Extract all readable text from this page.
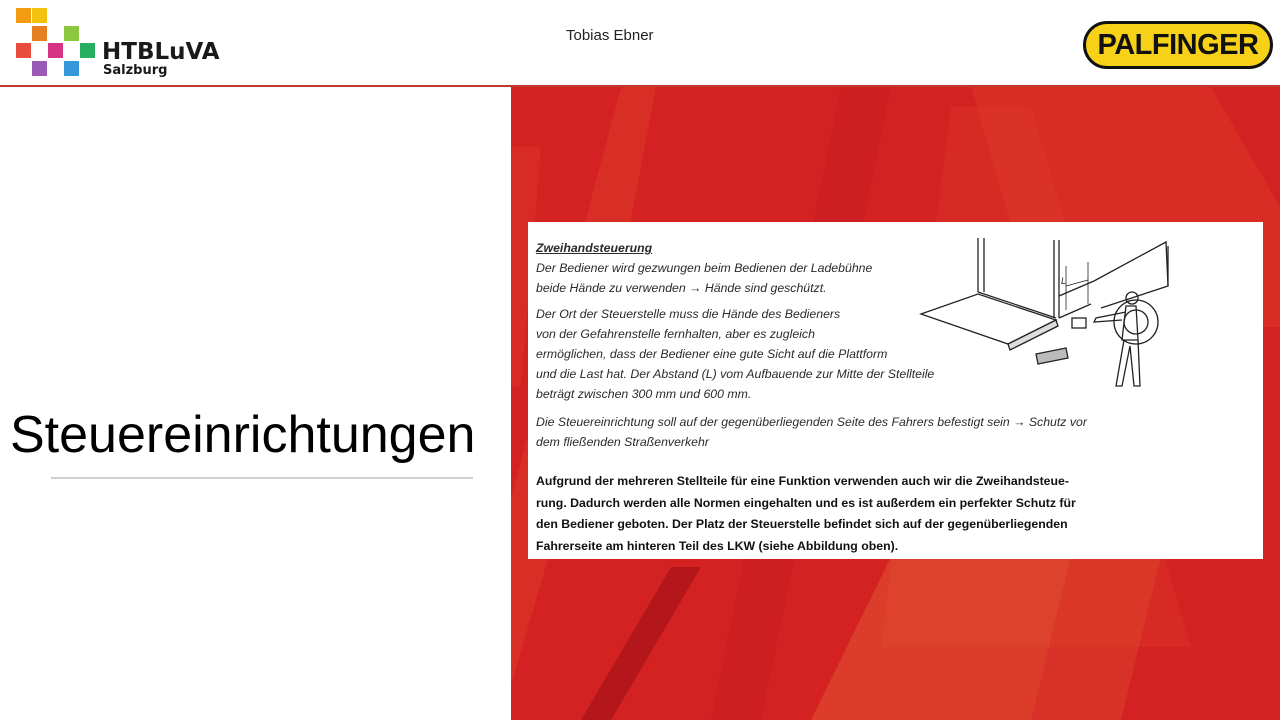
HTBLuVA
Salzburg
Tobias Ebner	PALFINGER
Steuereinrichtungen
Zweihandsteuerung
Der Bediener wird gezwungen beim Bedienen der Ladebühne
beide Hände zu verwenden → Hände sind geschützt.
Der Ort der Steuerstelle muss die Hände des Bedieners
von der Gefahrenstelle fernhalten, aber es zugleich
ermöglichen, dass der Bediener eine gute Sicht auf die Plattform
und die Last hat. Der Abstand (L) vom Aufbauende zur Mitte der Stellteile
beträgt zwischen 300 mm und 600 mm.
Die Steuereinrichtung soll auf der gegenüberliegenden Seite des Fahrers befestigt sein → Schutz vor
dem fließenden Straßenverkehr
Aufgrund der mehreren Stellteile für eine Funktion verwenden auch wir die Zweihandsteue-
rung. Dadurch werden alle Normen eingehalten und es ist außerdem ein perfekter Schutz für
den Bediener geboten. Der Platz der Steuerstelle befindet sich auf der gegenüberliegenden
Fahrerseite am hinteren Teil des LKW (siehe Abbildung oben).
L
